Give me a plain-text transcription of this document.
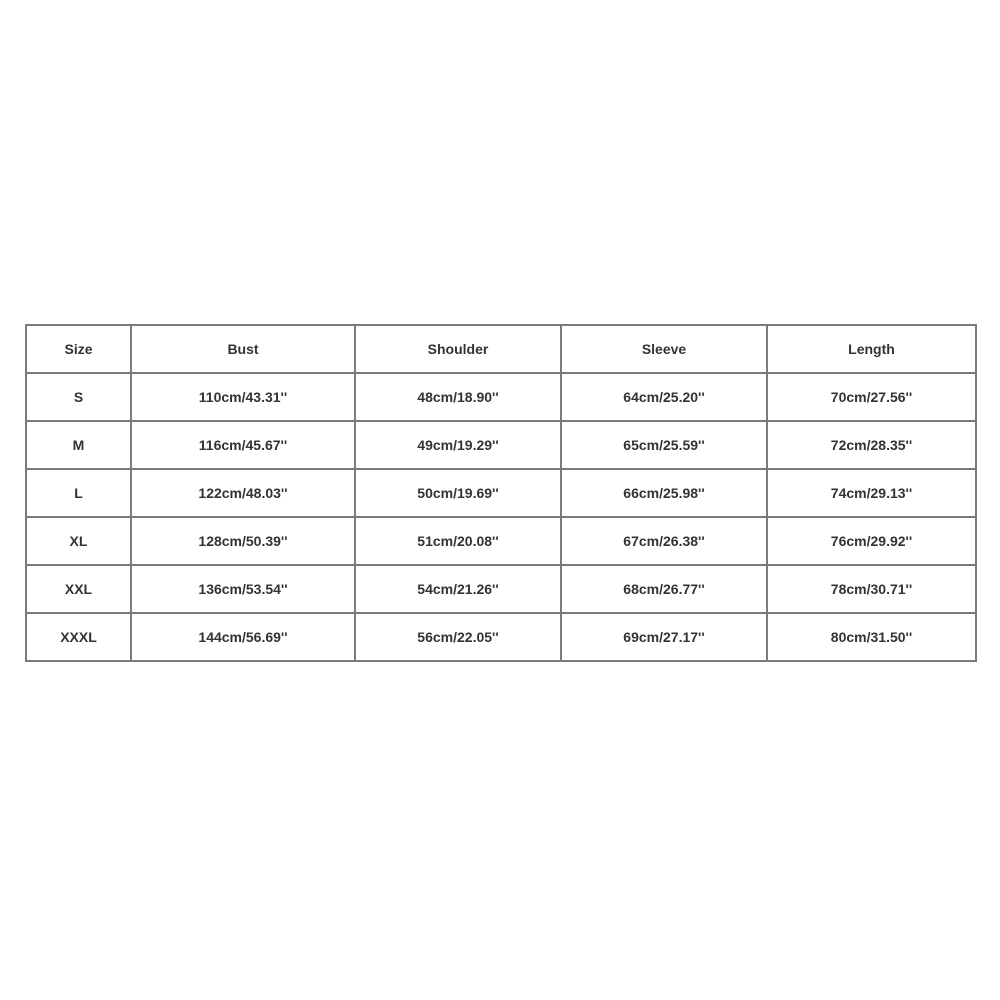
Size	Bust	Shoulder	Sleeve	Length
S	110cm/43.31''	48cm/18.90''	64cm/25.20''	70cm/27.56''
M	116cm/45.67''	49cm/19.29''	65cm/25.59''	72cm/28.35''
L	122cm/48.03''	50cm/19.69''	66cm/25.98''	74cm/29.13''
XL	128cm/50.39''	51cm/20.08''	67cm/26.38''	76cm/29.92''
XXL	136cm/53.54''	54cm/21.26''	68cm/26.77''	78cm/30.71''
XXXL	144cm/56.69''	56cm/22.05''	69cm/27.17''	80cm/31.50''
